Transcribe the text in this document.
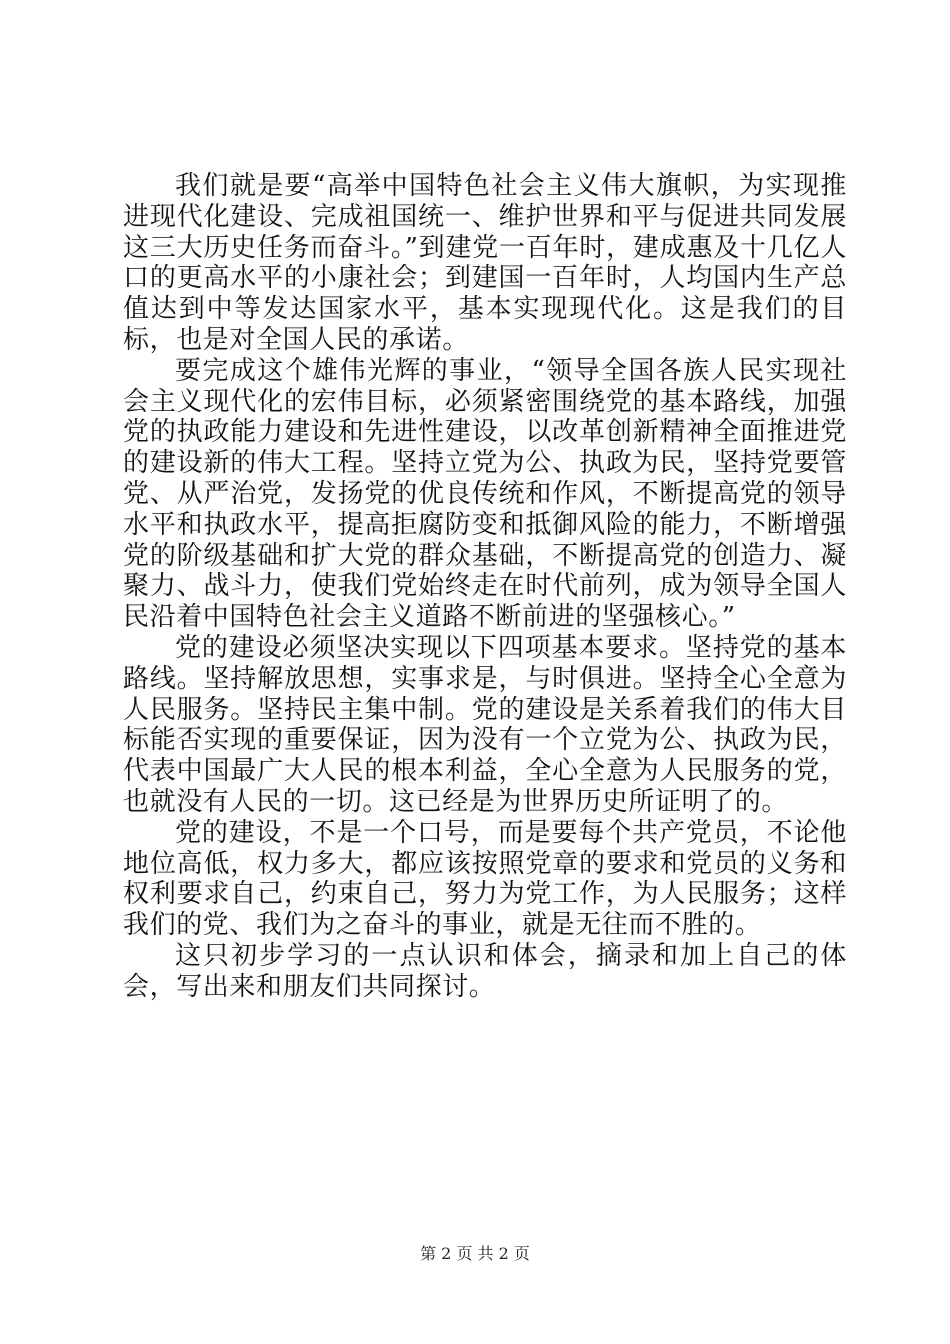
我们就是要“高举中国特色社会主义伟大旗帜，为实现推进现代化建设、完成祖国统一、维护世界和平与促进共同发展这三大历史任务而奋斗。”到建党一百年时，建成惠及十几亿人口的更高水平的小康社会；到建国一百年时，人均国内生产总值达到中等发达国家水平，基本实现现代化。这是我们的目标，也是对全国人民的承诺。

要完成这个雄伟光辉的事业，“领导全国各族人民实现社会主义现代化的宏伟目标，必须紧密围绕党的基本路线，加强党的执政能力建设和先进性建设，以改革创新精神全面推进党的建设新的伟大工程。坚持立党为公、执政为民，坚持党要管党、从严治党，发扬党的优良传统和作风，不断提高党的领导水平和执政水平，提高拒腐防变和抵御风险的能力，不断增强党的阶级基础和扩大党的群众基础，不断提高党的创造力、凝聚力、战斗力，使我们党始终走在时代前列，成为领导全国人民沿着中国特色社会主义道路不断前进的坚强核心。”

党的建设必须坚决实现以下四项基本要求。坚持党的基本路线。坚持解放思想，实事求是，与时俱进。坚持全心全意为人民服务。坚持民主集中制。党的建设是关系着我们的伟大目标能否实现的重要保证，因为没有一个立党为公、执政为民，代表中国最广大人民的根本利益，全心全意为人民服务的党，也就没有人民的一切。这已经是为世界历史所证明了的。

党的建设，不是一个口号，而是要每个共产党员，不论他地位高低，权力多大，都应该按照党章的要求和党员的义务和权利要求自己，约束自己，努力为党工作，为人民服务；这样我们的党、我们为之奋斗的事业，就是无往而不胜的。

这只初步学习的一点认识和体会，摘录和加上自己的体会，写出来和朋友们共同探讨。

第 2 页 共 2 页
